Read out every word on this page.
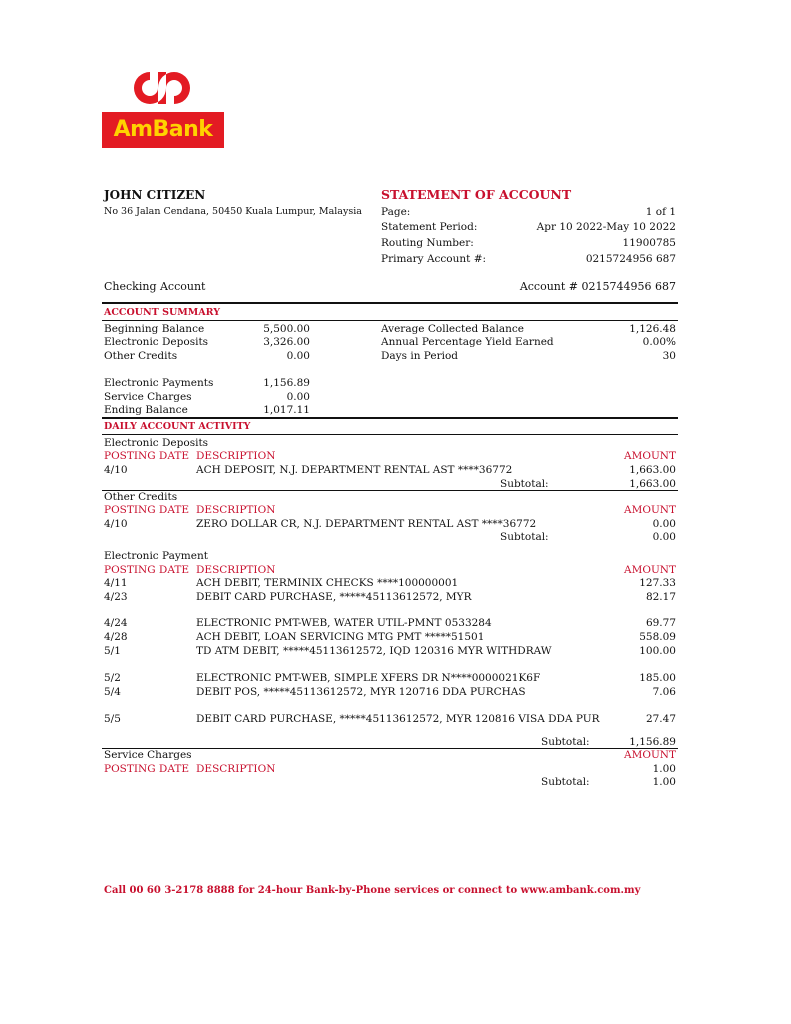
AmBank
JOHN CITIZEN
No 36 Jalan Cendana, 50450 Kuala Lumpur, Malaysia
STATEMENT OF ACCOUNT
Page:	1 of 1
Statement Period:	Apr 10 2022-May 10 2022
Routing Number:	11900785
Primary Account #:	0215724956 687
Checking Account	Account # 0215744956 687
ACCOUNT SUMMARY
Beginning Balance	5,500.00
Electronic Deposits	3,326.00
Other Credits	0.00
Electronic Payments	1,156.89
Service Charges	0.00
Ending Balance	1,017.11
Average Collected Balance	1,126.48
Annual Percentage Yield Earned	0.00%
Days in Period	30
DAILY ACCOUNT ACTIVITY
Electronic Deposits
POSTING DATE DESCRIPTION	AMOUNT
4/10	ACH DEPOSIT, N.J. DEPARTMENT RENTAL AST ****36772	1,663.00
Subtotal:	1,663.00
Other Credits
POSTING DATE DESCRIPTION	AMOUNT
4/10	ZERO DOLLAR CR, N.J. DEPARTMENT RENTAL AST ****36772	0.00
Subtotal:	0.00
Electronic Payment
POSTING DATE DESCRIPTION	AMOUNT
4/11	ACH DEBIT, TERMINIX CHECKS ****100000001	127.33
4/23	DEBIT CARD PURCHASE, *****45113612572, MYR	82.17
4/24	ELECTRONIC PMT-WEB, WATER UTIL-PMNT 0533284	69.77
4/28	ACH DEBIT, LOAN SERVICING MTG PMT *****51501	558.09
5/1	TD ATM DEBIT, *****45113612572, IQD 120316 MYR WITHDRAW	100.00
5/2	ELECTRONIC PMT-WEB, SIMPLE XFERS DR N****0000021K6F	185.00
5/4	DEBIT POS, *****45113612572, MYR 120716 DDA PURCHAS	7.06
5/5	DEBIT CARD PURCHASE, *****45113612572, MYR 120816 VISA DDA PUR	27.47
Subtotal:	1,156.89
Service Charges	AMOUNT
POSTING DATE DESCRIPTION	1.00
Subtotal:	1.00
Call 00 60 3-2178 8888 for 24-hour Bank-by-Phone services or connect to www.ambank.com.my
